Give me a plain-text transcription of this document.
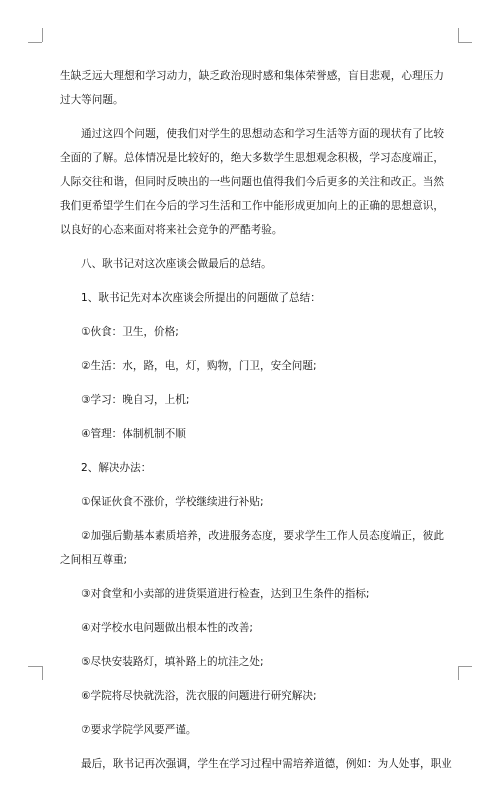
生缺乏远大理想和学习动力，缺乏政治现时感和集体荣誉感，盲目悲观，心理压力过大等问题。

通过这四个问题，使我们对学生的思想动态和学习生活等方面的现状有了比较全面的了解。总体情况是比较好的，绝大多数学生思想观念积极，学习态度端正，人际交往和谐，但同时反映出的一些问题也值得我们今后更多的关注和改正。当然我们更希望学生们在今后的学习生活和工作中能形成更加向上的正确的思想意识，以良好的心态来面对将来社会竞争的严酷考验。

八、耿书记对这次座谈会做最后的总结。

1、耿书记先对本次座谈会所提出的问题做了总结：

①伙食：卫生，价格;

②生活：水，路，电，灯，购物，门卫，安全问题;

③学习：晚自习，上机;

④管理：体制机制不顺

2、解决办法：

①保证伙食不涨价，学校继续进行补贴;

②加强后勤基本素质培养，改进服务态度，要求学生工作人员态度端正，彼此之间相互尊重;

③对食堂和小卖部的进货渠道进行检查，达到卫生条件的指标;

④对学校水电问题做出根本性的改善;

⑤尽快安装路灯，填补路上的坑洼之处;

⑥学院将尽快就洗浴，洗衣服的问题进行研究解决;

⑦要求学院学风要严谨。

最后，耿书记再次强调，学生在学习过程中需培养道德，例如：为人处事，职业
